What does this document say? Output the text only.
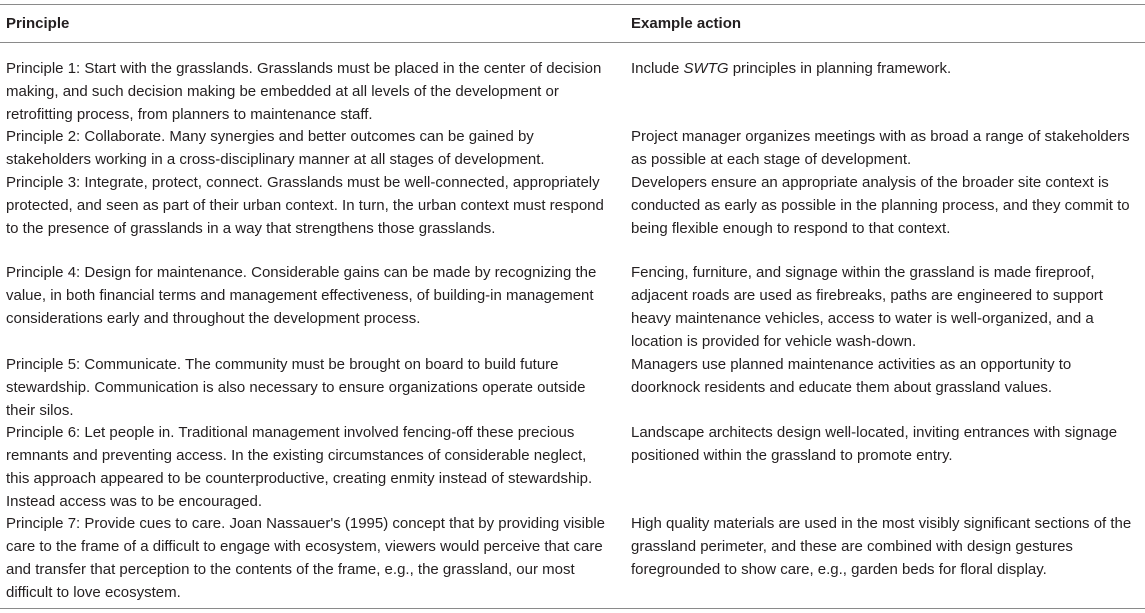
Principle	Example action

Principle 1: Start with the grasslands. Grasslands must be placed in the center of decision making, and such decision making be embedded at all levels of the development or retrofitting process, from planners to maintenance staff.

Include SWTG principles in planning framework.

Principle 2: Collaborate. Many synergies and better outcomes can be gained by stakeholders working in a cross-disciplinary manner at all stages of development.

Project manager organizes meetings with as broad a range of stakeholders as possible at each stage of development.

Principle 3: Integrate, protect, connect. Grasslands must be well-connected, appropriately protected, and seen as part of their urban context. In turn, the urban context must respond to the presence of grasslands in a way that strengthens those grasslands.

Developers ensure an appropriate analysis of the broader site context is conducted as early as possible in the planning process, and they commit to being flexible enough to respond to that context.

Principle 4: Design for maintenance. Considerable gains can be made by recognizing the value, in both financial terms and management effectiveness, of building-in management considerations early and throughout the development process.

Fencing, furniture, and signage within the grassland is made fireproof, adjacent roads are used as firebreaks, paths are engineered to support heavy maintenance vehicles, access to water is well-organized, and a location is provided for vehicle wash-down.

Principle 5: Communicate. The community must be brought on board to build future stewardship. Communication is also necessary to ensure organizations operate outside their silos.

Managers use planned maintenance activities as an opportunity to doorknock residents and educate them about grassland values.

Principle 6: Let people in. Traditional management involved fencing-off these precious remnants and preventing access. In the existing circumstances of considerable neglect, this approach appeared to be counterproductive, creating enmity instead of stewardship. Instead access was to be encouraged.

Landscape architects design well-located, inviting entrances with signage positioned within the grassland to promote entry.

Principle 7: Provide cues to care. Joan Nassauer's (1995) concept that by providing visible care to the frame of a difficult to engage with ecosystem, viewers would perceive that care and transfer that perception to the contents of the frame, e.g., the grassland, our most difficult to love ecosystem.

High quality materials are used in the most visibly significant sections of the grassland perimeter, and these are combined with design gestures foregrounded to show care, e.g., garden beds for floral display.
